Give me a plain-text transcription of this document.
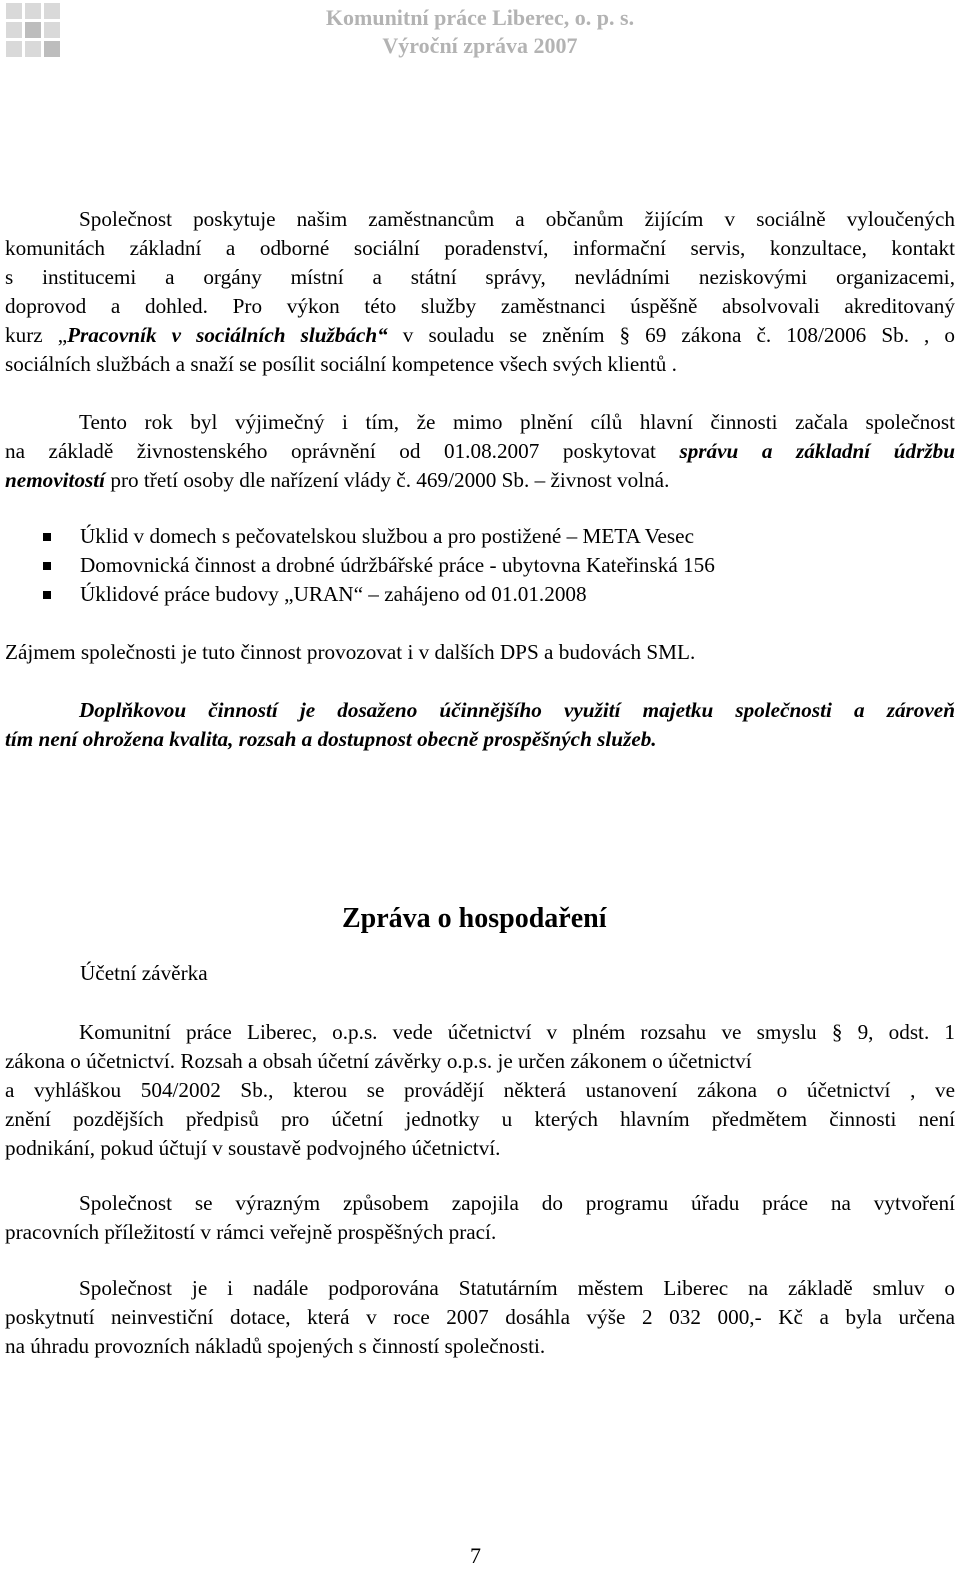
Komunitní práce Liberec, o. p. s.
Výroční zpráva 2007
Společnost poskytuje našim zaměstnancům a občanům žijícím v sociálně vyloučených
komunitách základní a odborné sociální poradenství, informační servis, konzultace, kontakt
s institucemi a orgány místní a státní správy, nevládními neziskovými organizacemi,
doprovod a dohled. Pro výkon této služby zaměstnanci úspěšně absolvovali akreditovaný
kurz „Pracovník v sociálních službách“ v souladu se zněním § 69 zákona č. 108/2006 Sb. , o
sociálních službách a snaží se posílit sociální kompetence všech svých klientů .
Tento rok byl výjimečný i tím, že mimo plnění cílů hlavní činnosti začala společnost
na základě živnostenského oprávnění od 01.08.2007 poskytovat správu a základní údržbu
nemovitostí pro třetí osoby dle nařízení vlády č. 469/2000 Sb. – živnost volná.
Úklid v domech s pečovatelskou službou a pro postižené – META Vesec
Domovnická činnost a drobné údržbářské práce - ubytovna Kateřinská 156
Úklidové práce budovy „URAN“ – zahájeno od 01.01.2008
Zájmem společnosti je tuto činnost provozovat i v dalších DPS a budovách SML.
Doplňkovou činností je dosaženo účinnějšího využití majetku společnosti a zároveň
tím není ohrožena kvalita, rozsah a dostupnost obecně prospěšných služeb.
Zpráva o hospodaření
Účetní závěrka
Komunitní práce Liberec, o.p.s. vede účetnictví v plném rozsahu ve smyslu § 9, odst. 1
zákona o účetnictví. Rozsah a obsah účetní závěrky o.p.s. je určen zákonem o účetnictví
a vyhláškou 504/2002 Sb., kterou se provádějí některá ustanovení zákona o účetnictví , ve
znění pozdějších předpisů pro účetní jednotky u kterých hlavním předmětem činnosti není
podnikání, pokud účtují v soustavě podvojného účetnictví.
Společnost se výrazným způsobem zapojila do programu úřadu práce na vytvoření
pracovních příležitostí v rámci veřejně prospěšných prací.
Společnost je i nadále podporována Statutárním městem Liberec na základě smluv o
poskytnutí neinvestiční dotace, která v roce 2007 dosáhla výše 2 032 000,- Kč a byla určena
na úhradu provozních nákladů spojených s činností společnosti.
7
